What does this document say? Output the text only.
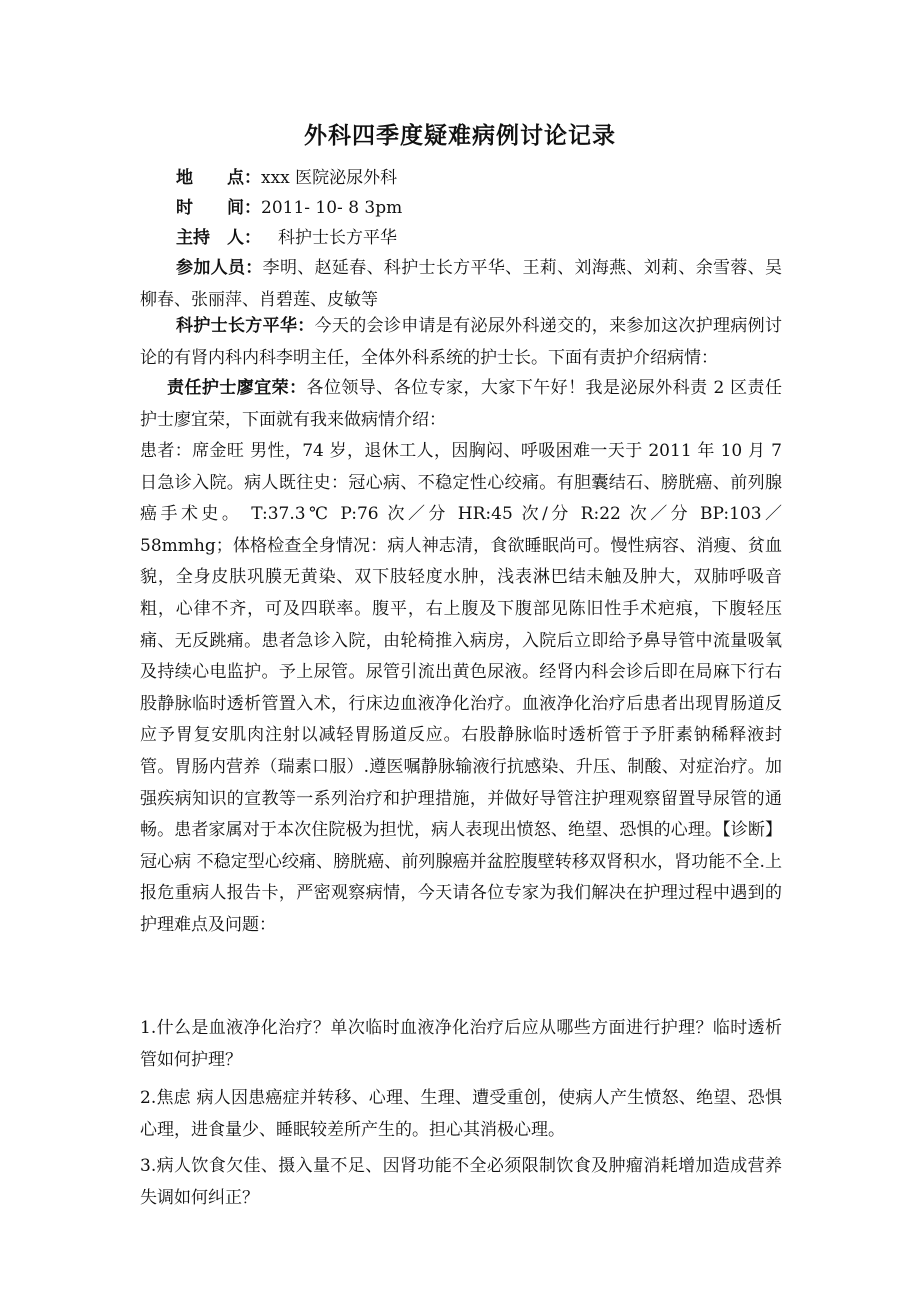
外科四季度疑难病例讨论记录
地　　点：xxx 医院泌尿外科
时　　间：2011- 10- 8 3pm
主持　人：　科护士长方平华
参加人员：李明、赵延春、科护士长方平华、王莉、刘海燕、刘莉、余雪蓉、吴柳春、张丽萍、肖碧莲、皮敏等
科护士长方平华：今天的会诊申请是有泌尿外科递交的，来参加这次护理病例讨论的有肾内科内科李明主任，全体外科系统的护士长。下面有责护介绍病情：
责任护士廖宜荣：各位领导、各位专家，大家下午好！我是泌尿外科责 2 区责任护士廖宜荣，下面就有我来做病情介绍：
患者：席金旺 男性，74 岁，退休工人，因胸闷、呼吸困难一天于 2011 年 10 月 7 日急诊入院。病人既往史：冠心病、不稳定性心绞痛。有胆囊结石、膀胱癌、前列腺癌手术史。 T:37.3℃ P:76 次／分 HR:45 次/分 R:22 次／分 BP:103／58mmhg；体格检查全身情况：病人神志清，食欲睡眠尚可。慢性病容、消瘦、贫血貌，全身皮肤巩膜无黄染、双下肢轻度水肿，浅表淋巴结未触及肿大，双肺呼吸音粗，心律不齐，可及四联率。腹平，右上腹及下腹部见陈旧性手术疤痕，下腹轻压痛、无反跳痛。患者急诊入院，由轮椅推入病房，入院后立即给予鼻导管中流量吸氧及持续心电监护。予上尿管。尿管引流出黄色尿液。经肾内科会诊后即在局麻下行右股静脉临时透析管置入术，行床边血液净化治疗。血液净化治疗后患者出现胃肠道反应予胃复安肌肉注射以减轻胃肠道反应。右股静脉临时透析管于予肝素钠稀释液封管。胃肠内营养（瑞素口服）.遵医嘱静脉输液行抗感染、升压、制酸、对症治疗。加强疾病知识的宣教等一系列治疗和护理措施，并做好导管注护理观察留置导尿管的通畅。患者家属对于本次住院极为担忧，病人表现出愤怒、绝望、恐惧的心理。【诊断】冠心病 不稳定型心绞痛、膀胱癌、前列腺癌并盆腔腹壁转移双肾积水，肾功能不全.上报危重病人报告卡，严密观察病情，今天请各位专家为我们解决在护理过程中遇到的护理难点及问题：
1.什么是血液净化治疗？单次临时血液净化治疗后应从哪些方面进行护理？临时透析管如何护理？
2.焦虑 病人因患癌症并转移、心理、生理、遭受重创，使病人产生愤怒、绝望、恐惧心理，进食量少、睡眠较差所产生的。担心其消极心理。
3.病人饮食欠佳、摄入量不足、因肾功能不全必须限制饮食及肿瘤消耗增加造成营养失调如何纠正？
